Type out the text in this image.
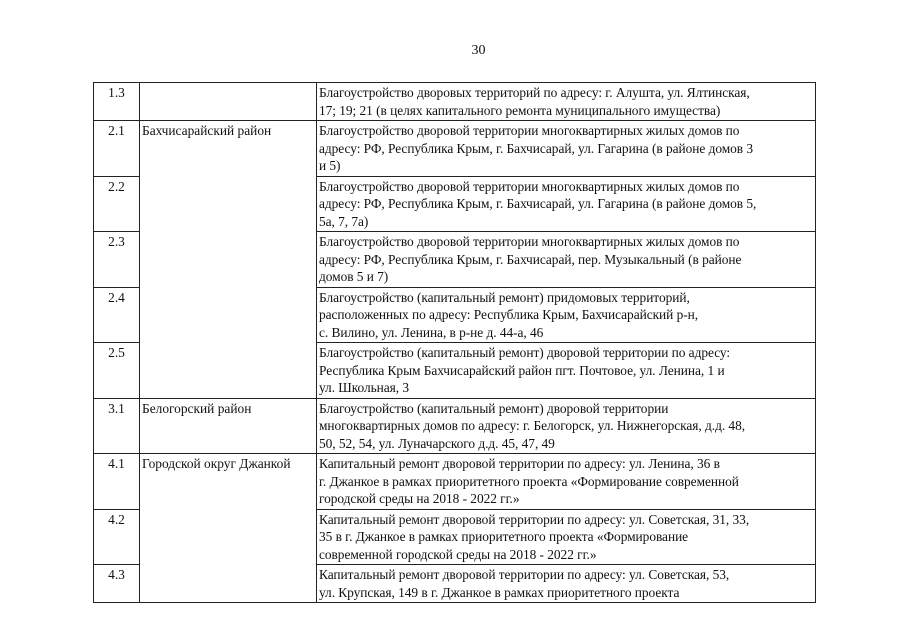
30
1.3		Благоустройство дворовых территорий по адресу: г. Алушта, ул. Ялтинская,
17; 19; 21 (в целях капитального ремонта муниципального имущества)

2.1	Бахчисарайский район	Благоустройство дворовой территории многоквартирных жилых домов по
адресу: РФ, Республика Крым, г. Бахчисарай, ул. Гагарина (в районе домов 3
и 5)

2.2		Благоустройство дворовой территории многоквартирных жилых домов по
адресу: РФ, Республика Крым, г. Бахчисарай, ул. Гагарина (в районе домов 5,
5а, 7, 7а)

2.3		Благоустройство дворовой территории многоквартирных жилых домов по
адресу: РФ, Республика Крым, г. Бахчисарай, пер. Музыкальный (в районе
домов 5 и 7)

2.4		Благоустройство (капитальный ремонт) придомовых территорий,
расположенных по адресу: Республика Крым, Бахчисарайский р-н,
с. Вилино, ул. Ленина, в р-не д. 44-а, 46

2.5		Благоустройство (капитальный ремонт) дворовой территории по адресу:
Республика Крым Бахчисарайский район пгт. Почтовое, ул. Ленина, 1 и
ул. Школьная, 3

3.1	Белогорский район	Благоустройство (капитальный ремонт) дворовой территории
многоквартирных домов по адресу: г. Белогорск, ул. Нижнегорская, д.д. 48,
50, 52, 54, ул. Луначарского д.д. 45, 47, 49

4.1	Городской округ Джанкой	Капитальный ремонт дворовой территории по адресу: ул. Ленина, 36 в
г. Джанкое в рамках приоритетного проекта «Формирование современной
городской среды на 2018 - 2022 гг.»

4.2		Капитальный ремонт дворовой территории по адресу: ул. Советская, 31, 33,
35 в г. Джанкое в рамках приоритетного проекта «Формирование
современной городской среды на 2018 - 2022 гг.»

4.3		Капитальный ремонт дворовой территории по адресу: ул. Советская, 53,
ул. Крупская, 149 в г. Джанкое в рамках приоритетного проекта
